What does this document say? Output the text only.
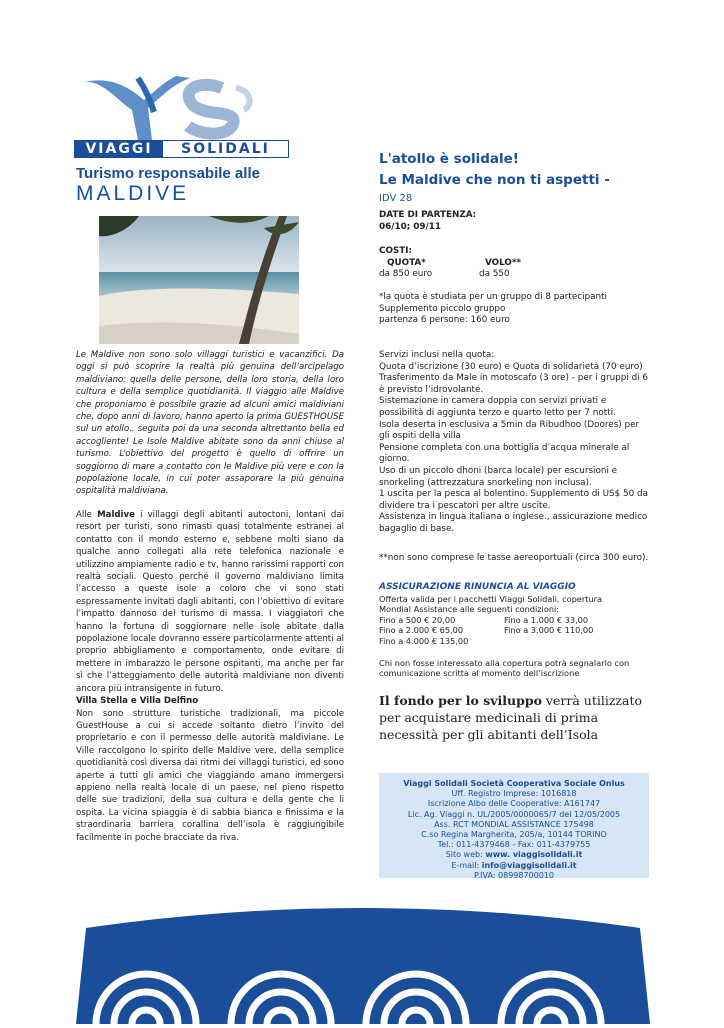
VIAGGI	SOLIDALI
Turismo responsabile alle
MALDIVE
Le Maldive non sono solo villaggi turistici e vacanzifici. Da oggi si può scoprire la realtà più genuina dell’arcipelago maldiviano: quella delle persone, della loro storia, della loro cultura e della semplice quotidianità. Il viaggio alle Maldive che proponiamo è possibile grazie ad alcuni amici maldiviani che, dopo anni di lavoro, hanno aperto la prima GUESTHOUSE sul un atollo.. seguita poi da una seconda altrettanto bella ed accogliente! Le Isole Maldive abitate sono da anni chiuse al turismo. L’obiettivo del progetto è quello di offrire un soggiorno di mare a contatto con le Maldive più vere e con la popolazione locale, in cui poter assaporare la più genuina ospitalità maldiviana.

Alle Maldive i villaggi degli abitanti autoctoni, lontani dai resort per turisti, sono rimasti quasi totalmente estranei al contatto con il mondo esterno e, sebbene molti siano da qualche anno collegati alla rete telefonica nazionale e utilizzino ampiamente radio e tv, hanno rarissimi rapporti con realtà sociali. Questo perché il governo maldiviano limita l’accesso a queste isole a coloro che vi sono stati espressamente invitati dagli abitanti, con l’obiettivo di evitare l’impatto dannoso del turismo di massa. I viaggiatori che hanno la fortuna di soggiornare nelle isole abitate dalla popolazione locale dovranno essere particolarmente attenti al proprio abbigliamento e comportamento, onde evitare di mettere in imbarazzo le persone ospitanti, ma anche per far sì che l’atteggiamento delle autorità maldiviane non diventi ancora più intransigente in futuro.

Villa Stella e Villa Delfino

Non sono strutture turistiche tradizionali, ma piccole GuestHouse a cui si accede soltanto dietro l’invito del proprietario e con il permesso delle autorità maldiviane. Le Ville raccolgono lo spirito delle Maldive vere, della semplice quotidianità così diversa dai ritmi dei villaggi turistici, ed sono aperte a tutti gli amici che viaggiando amano immergersi appieno nella realtà locale di un paese, nel pieno rispetto delle sue tradizioni, della sua cultura e della gente che li ospita. La vicina spiaggia è di sabbia bianca e finissima e la straordinaria barriera corallina dell’isola è raggiungibile facilmente in poche bracciate da riva.

L'atollo è solidale!
Le Maldive che non ti aspetti -
IDV 28
DATE DI PARTENZA:
06/10; 09/11
COSTI:
QUOTA*	VOLO**
da 850 euro	da 550
*la quota è studiata per un gruppo di 8 partecipanti
Supplemento piccolo gruppo
partenza 6 persone: 160 euro

Servizi inclusi nella quota:

Quota d’iscrizione (30 euro) e Quota di solidarietà (70 euro)

Trasferimento da Male in motoscafo (3 ore) - per i gruppi di 6 è previsto l’idrovolante.

Sistemazione in camera doppia con servizi privati e possibilità di aggiunta terzo e quarto letto per 7 notti.

Isola deserta in esclusiva a 5min da Ribudhoo (Doores) per gli ospiti della villa

Pensione completa con una bottiglia d’acqua minerale al giorno.

Uso di un piccolo dhoni (barca locale) per escursioni e snorkeling (attrezzatura snorkeling non inclusa).

1 uscita per la pesca al bolentino. Supplemento di US$ 50 da dividere tra i pescatori per altre uscite.

Assistenza in lingua italiana o inglese., assicurazione medico bagaglio di base.

**non sono comprese le tasse aereoportuali (circa 300 euro).
ASSICURAZIONE RINUNCIA AL VIAGGIO
Offerta valida per i pacchetti Viaggi Solidali, copertura
Mondial Assistance alle seguenti condizioni:
Fino a 500 € 20,00	Fino a 1.000 € 33,00
Fino a 2.000 € 65,00	Fino a 3.000 € 110,00
Fino a 4.000 € 135,00
Chi non fosse interessato alla copertura potrà segnalarlo con
comunicazione scritta al momento dell’iscrizione
Il fondo per lo sviluppo verrà utilizzato per acquistare medicinali di prima necessità per gli abitanti dell’Isola
Viaggi Solidali Società Cooperativa Sociale Onlus
Uff. Registro Imprese: 1016818
Iscrizione Albo delle Cooperative: A161747
Lic. Ag. Viaggi n. UL/2005/0000065/7 del 12/05/2005
Ass. RCT MONDIAL ASSISTANCE 175498
C.so Regina Margherita, 205/a, 10144 TORINO
Tel.: 011-4379468 - Fax: 011-4379755
Sito web: www. viaggisolidali.it
E-mail: info@viaggisolidali.it
P.IVA: 08998700010
